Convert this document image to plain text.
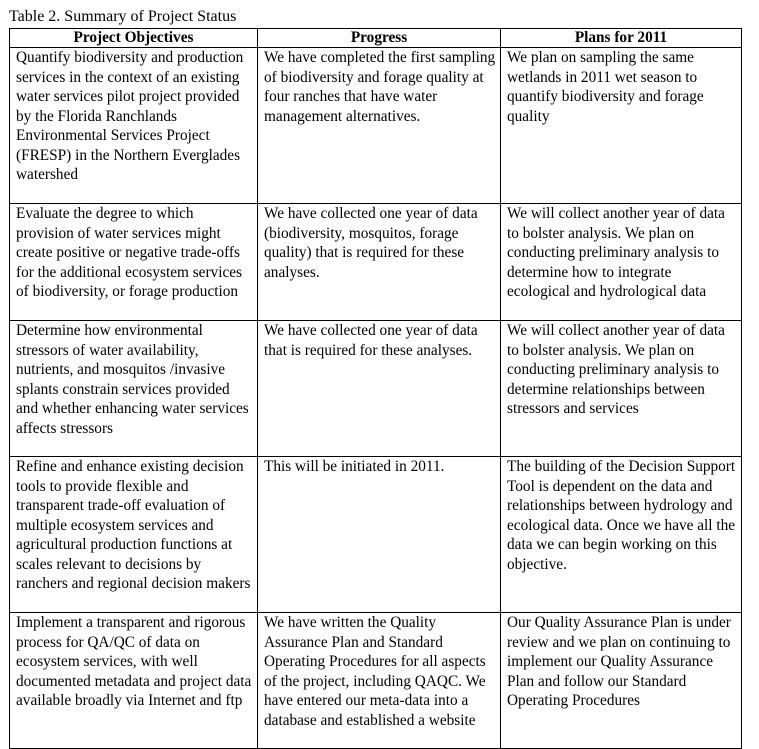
Table 2. Summary of Project Status
Project Objectives	Progress	Plans for 2011
Quantify biodiversity and production services in the context of an existing water services pilot project provided by the Florida Ranchlands Environmental Services Project (FRESP) in the Northern Everglades watershed	We have completed the first sampling of biodiversity and forage quality at four ranches that have water management alternatives.	We plan on sampling the same wetlands in 2011 wet season to quantify biodiversity and forage quality
Evaluate the degree to which provision of water services might create positive or negative trade-offs for the additional ecosystem services of biodiversity, or forage production	We have collected one year of data (biodiversity, mosquitos, forage quality) that is required for these analyses.	We will collect another year of data to bolster analysis. We plan on conducting preliminary analysis to determine how to integrate ecological and hydrological data
Determine how environmental stressors of water availability, nutrients, and mosquitos /invasive splants constrain services provided and whether enhancing water services affects stressors	We have collected one year of data that is required for these analyses.	We will collect another year of data to bolster analysis. We plan on conducting preliminary analysis to determine relationships between stressors and services
Refine and enhance existing decision tools to provide flexible and transparent trade-off evaluation of multiple ecosystem services and agricultural production functions at scales relevant to decisions by ranchers and regional decision makers	This will be initiated in 2011.	The building of the Decision Support Tool is dependent on the data and relationships between hydrology and ecological data. Once we have all the data we can begin working on this objective.
Implement a transparent and rigorous process for QA/QC of data on ecosystem services, with well documented metadata and project data available broadly via Internet and ftp	We have written the Quality Assurance Plan and Standard Operating Procedures for all aspects of the project, including QAQC. We have entered our meta-data into a database and established a website	Our Quality Assurance Plan is under review and we plan on continuing to implement our Quality Assurance Plan and follow our Standard Operating Procedures
